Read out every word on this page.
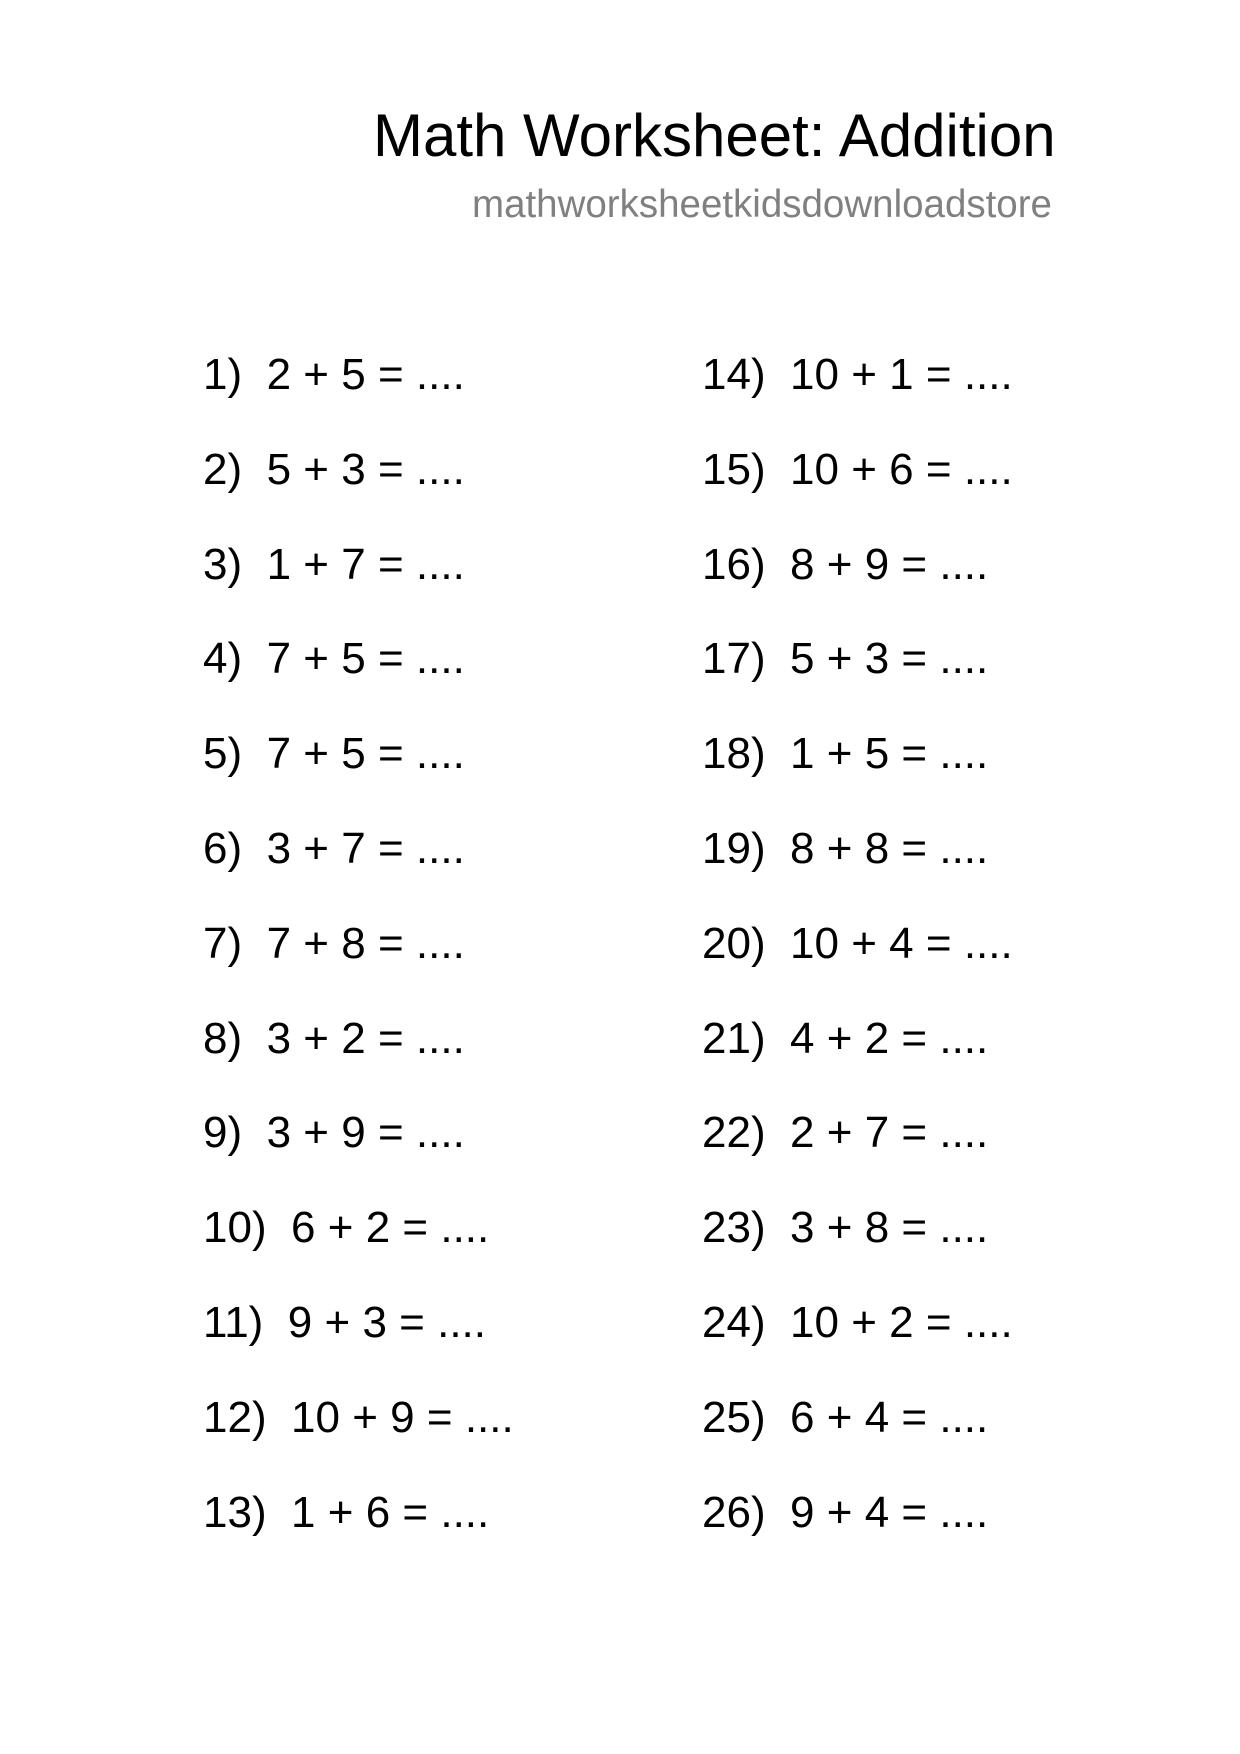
Math Worksheet: Addition
mathworksheetkidsdownloadstore
1) 2 + 5 = ....
2) 5 + 3 = ....
3) 1 + 7 = ....
4) 7 + 5 = ....
5) 7 + 5 = ....
6) 3 + 7 = ....
7) 7 + 8 = ....
8) 3 + 2 = ....
9) 3 + 9 = ....
10) 6 + 2 = ....
11) 9 + 3 = ....
12) 10 + 9 = ....
13) 1 + 6 = ....
14) 10 + 1 = ....
15) 10 + 6 = ....
16) 8 + 9 = ....
17) 5 + 3 = ....
18) 1 + 5 = ....
19) 8 + 8 = ....
20) 10 + 4 = ....
21) 4 + 2 = ....
22) 2 + 7 = ....
23) 3 + 8 = ....
24) 10 + 2 = ....
25) 6 + 4 = ....
26) 9 + 4 = ....
